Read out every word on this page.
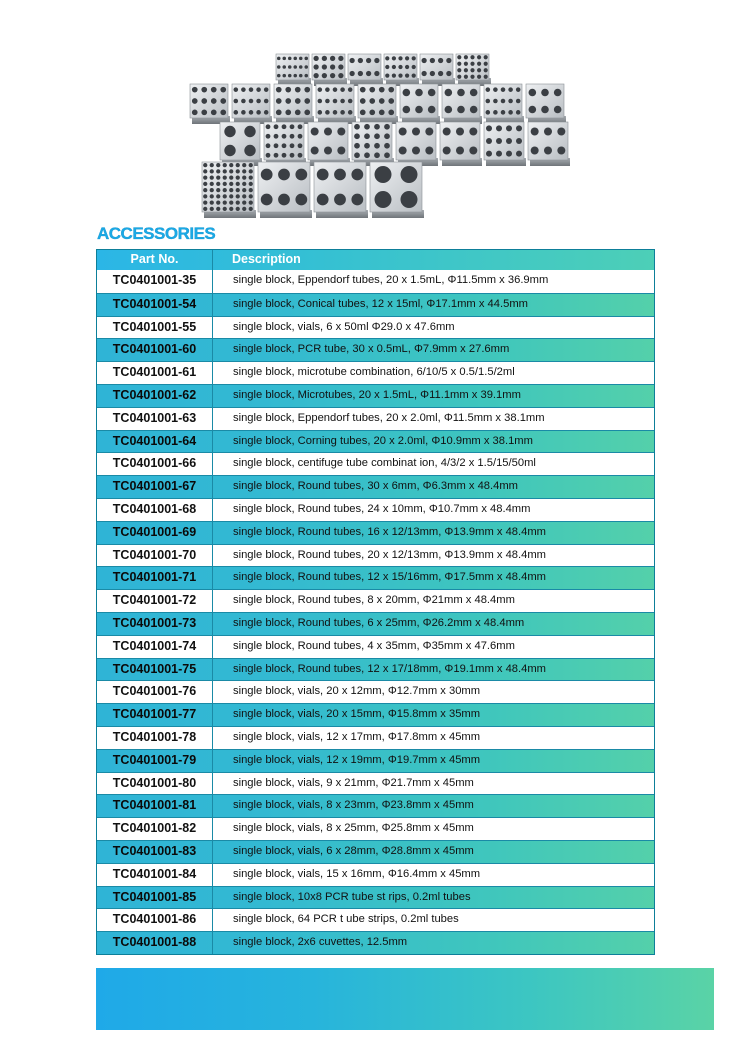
ACCESSORIES
Part No.	Description
TC0401001-35	single block, Eppendorf tubes, 20 x 1.5mL, Φ11.5mm x 36.9mm
TC0401001-54	single block, Conical tubes, 12 x 15ml, Φ17.1mm x 44.5mm
TC0401001-55	single block, vials, 6 x 50ml Φ29.0 x 47.6mm
TC0401001-60	single block, PCR tube, 30 x 0.5mL, Φ7.9mm x 27.6mm
TC0401001-61	single block, microtube combination, 6/10/5 x 0.5/1.5/2ml
TC0401001-62	single block, Microtubes, 20 x 1.5mL, Φ11.1mm x 39.1mm
TC0401001-63	single block, Eppendorf tubes, 20 x 2.0ml, Φ11.5mm x 38.1mm
TC0401001-64	single block, Corning tubes, 20 x 2.0ml, Φ10.9mm x 38.1mm
TC0401001-66	single block, centifuge tube combinat ion, 4/3/2 x 1.5/15/50ml
TC0401001-67	single block, Round tubes, 30 x 6mm, Φ6.3mm x 48.4mm
TC0401001-68	single block, Round tubes, 24 x 10mm, Φ10.7mm x 48.4mm
TC0401001-69	single block, Round tubes, 16 x 12/13mm, Φ13.9mm x 48.4mm
TC0401001-70	single block, Round tubes, 20 x 12/13mm, Φ13.9mm x 48.4mm
TC0401001-71	single block, Round tubes, 12 x 15/16mm, Φ17.5mm x 48.4mm
TC0401001-72	single block, Round tubes, 8 x 20mm, Φ21mm x 48.4mm
TC0401001-73	single block, Round tubes, 6 x 25mm, Φ26.2mm x 48.4mm
TC0401001-74	single block, Round tubes, 4 x 35mm, Φ35mm x 47.6mm
TC0401001-75	single block, Round tubes, 12 x 17/18mm, Φ19.1mm x 48.4mm
TC0401001-76	single block, vials, 20 x 12mm, Φ12.7mm x 30mm
TC0401001-77	single block, vials, 20 x 15mm, Φ15.8mm x 35mm
TC0401001-78	single block, vials, 12 x 17mm, Φ17.8mm x 45mm
TC0401001-79	single block, vials, 12 x 19mm, Φ19.7mm x 45mm
TC0401001-80	single block, vials, 9 x 21mm, Φ21.7mm x 45mm
TC0401001-81	single block, vials, 8 x 23mm, Φ23.8mm x 45mm
TC0401001-82	single block, vials, 8 x 25mm, Φ25.8mm x 45mm
TC0401001-83	single block, vials, 6 x 28mm, Φ28.8mm x 45mm
TC0401001-84	single block, vials, 15 x 16mm, Φ16.4mm x 45mm
TC0401001-85	single block, 10x8 PCR tube st rips, 0.2ml tubes
TC0401001-86	single block, 64 PCR t ube strips, 0.2ml tubes
TC0401001-88	single block, 2x6 cuvettes, 12.5mm
